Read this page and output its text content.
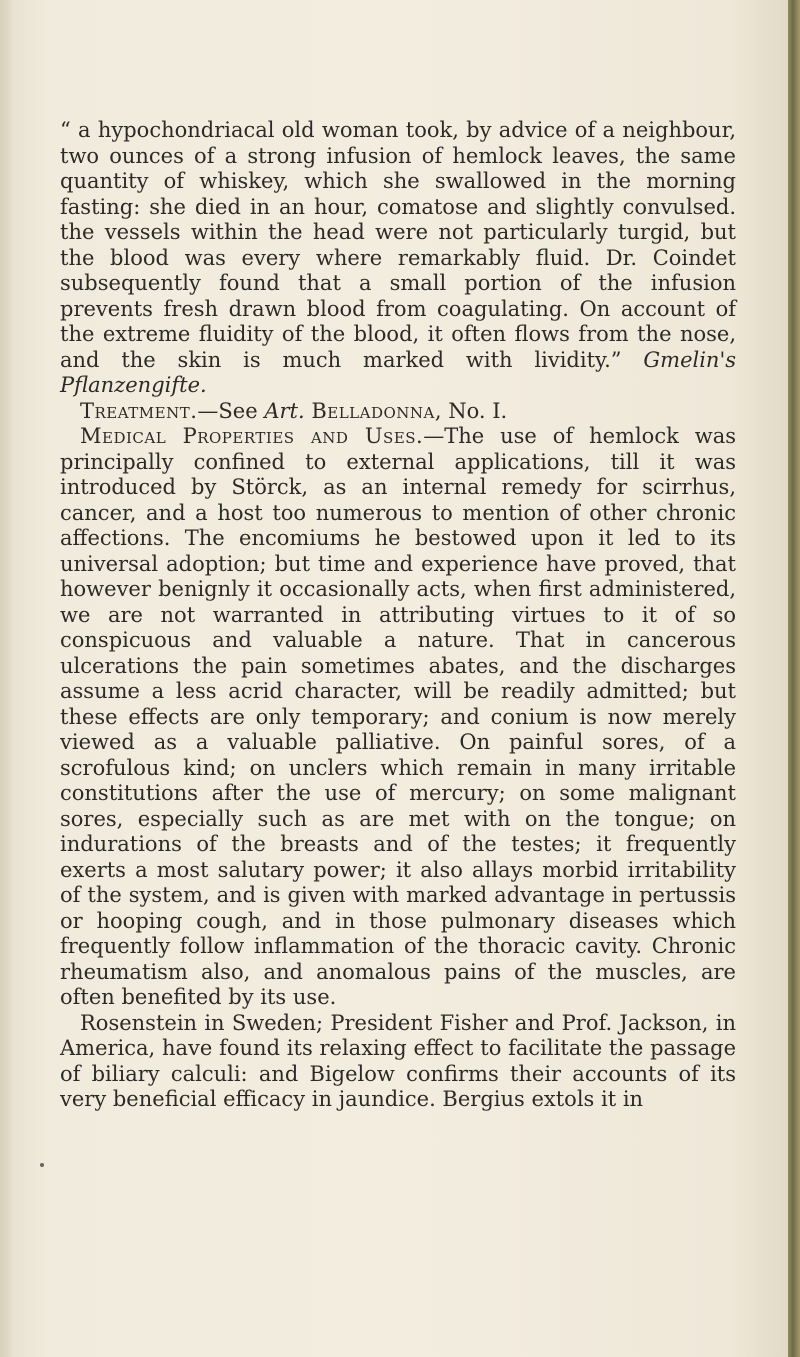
“ a hypochondriacal old woman took, by advice of a neighbour, two ounces of a strong infusion of hemlock leaves, the same quantity of whiskey, which she swallowed in the morning fasting: she died in an hour, comatose and slightly convulsed. the vessels within the head were not particularly turgid, but the blood was every where remarkably fluid. Dr. Coindet subsequently found that a small portion of the infusion prevents fresh drawn blood from coagulating. On account of the extreme fluidity of the blood, it often flows from the nose, and the skin is much marked with lividity.” Gmelin's Pflanzengifte.

Treatment.—See Art. Belladonna, No. I.

Medical Properties and Uses.—The use of hemlock was principally confined to external applications, till it was introduced by Störck, as an internal remedy for scirrhus, cancer, and a host too numerous to mention of other chronic affections. The encomiums he bestowed upon it led to its universal adoption; but time and experience have proved, that however benignly it occasionally acts, when first administered, we are not warranted in attributing virtues to it of so conspicuous and valuable a nature. That in cancerous ulcerations the pain sometimes abates, and the discharges assume a less acrid character, will be readily admitted; but these effects are only temporary; and conium is now merely viewed as a valuable palliative. On painful sores, of a scrofulous kind; on unclers which remain in many irritable constitutions after the use of mercury; on some malignant sores, especially such as are met with on the tongue; on indurations of the breasts and of the testes; it frequently exerts a most salutary power; it also allays morbid irritability of the system, and is given with marked advantage in pertussis or hooping cough, and in those pulmonary diseases which frequently follow inflammation of the thoracic cavity. Chronic rheumatism also, and anomalous pains of the muscles, are often benefited by its use.

Rosenstein in Sweden; President Fisher and Prof. Jackson, in America, have found its relaxing effect to facilitate the passage of biliary calculi: and Bigelow confirms their accounts of its very beneficial efficacy in jaundice. Bergius extols it in
